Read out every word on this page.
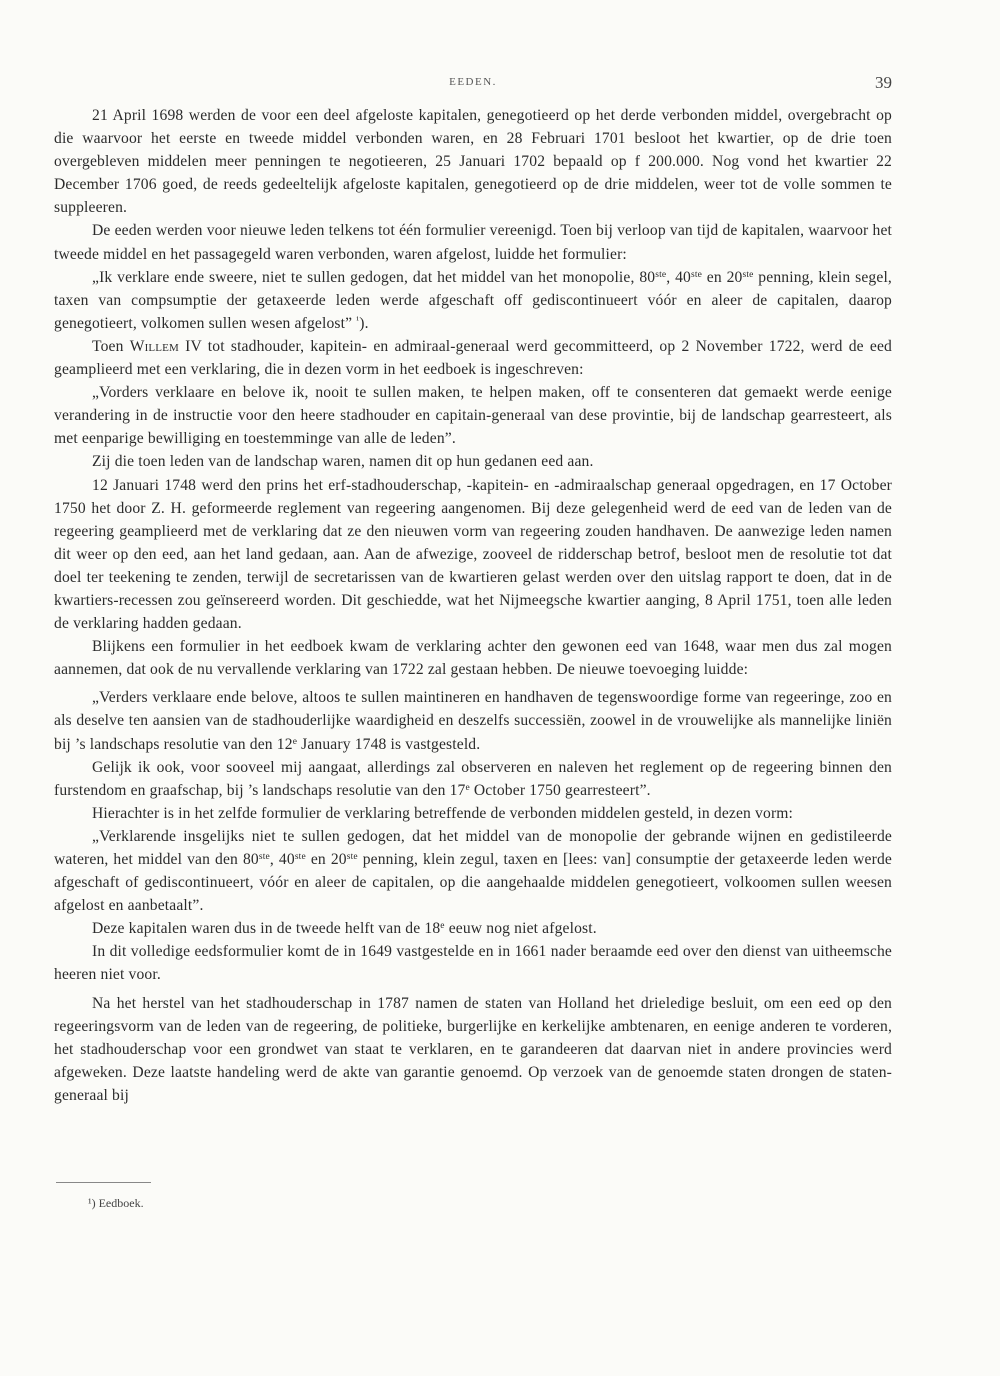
EEDEN.	39

21 April 1698 werden de voor een deel afgeloste kapitalen, genegotieerd op het derde verbonden middel, overgebracht op die waarvoor het eerste en tweede middel verbonden waren, en 28 Februari 1701 besloot het kwartier, op de drie toen overgebleven middelen meer penningen te negotieeren, 25 Januari 1702 bepaald op f 200.000. Nog vond het kwartier 22 December 1706 goed, de reeds gedeeltelijk afgeloste kapitalen, genegotieerd op de drie middelen, weer tot de volle sommen te suppleeren.

De eeden werden voor nieuwe leden telkens tot één formulier vereenigd. Toen bij verloop van tijd de kapitalen, waarvoor het tweede middel en het passagegeld waren verbonden, waren afgelost, luidde het formulier:

„Ik verklare ende sweere, niet te sullen gedogen, dat het middel van het monopolie, 80ste, 40ste en 20ste penning, klein segel, taxen van compsumptie der getaxeerde leden werde afgeschaft off gediscontinueert vóór en aleer de capitalen, daarop genegotieert, volkomen sullen wesen afgelost” $^{^1}$).

Toen Willem IV tot stadhouder, kapitein- en admiraal-generaal werd gecommitteerd, op 2 November 1722, werd de eed geamplieerd met een verklaring, die in dezen vorm in het eedboek is ingeschreven:

„Vorders verklaare en belove ik, nooit te sullen maken, te helpen maken, off te consenteren dat gemaekt werde eenige verandering in de instructie voor den heere stadhouder en capitain-generaal van dese provintie, bij de landschap gearresteert, als met eenparige bewilliging en toestemminge van alle de leden”.

Zij die toen leden van de landschap waren, namen dit op hun gedanen eed aan.

12 Januari 1748 werd den prins het erf-stadhouderschap, -kapitein- en -admiraalschap generaal opgedragen, en 17 October 1750 het door Z. H. geformeerde reglement van regeering aangenomen. Bij deze gelegenheid werd de eed van de leden van de regeering geamplieerd met de verklaring dat ze den nieuwen vorm van regeering zouden handhaven. De aanwezige leden namen dit weer op den eed, aan het land gedaan, aan. Aan de afwezige, zooveel de ridderschap betrof, besloot men de resolutie tot dat doel ter teekening te zenden, terwijl de secretarissen van de kwartieren gelast werden over den uitslag rapport te doen, dat in de kwartiers-recessen zou geïnsereerd worden. Dit geschiedde, wat het Nijmeegsche kwartier aanging, 8 April 1751, toen alle leden de verklaring hadden gedaan.

Blijkens een formulier in het eedboek kwam de verklaring achter den gewonen eed van 1648, waar men dus zal mogen aannemen, dat ook de nu vervallende verklaring van 1722 zal gestaan hebben. De nieuwe toevoeging luidde:

„Verders verklaare ende belove, altoos te sullen maintineren en handhaven de tegenswoordige forme van regeeringe, zoo en als deselve ten aansien van de stadhouderlijke waardigheid en deszelfs successiën, zoowel in de vrouwelijke als mannelijke liniën bij ’s landschaps resolutie van den 12e January 1748 is vastgesteld.

Gelijk ik ook, voor sooveel mij aangaat, allerdings zal observeren en naleven het reglement op de regeering binnen den furstendom en graafschap, bij ’s landschaps resolutie van den 17e October 1750 gearresteert”.

Hierachter is in het zelfde formulier de verklaring betreffende de verbonden middelen gesteld, in dezen vorm:

„Verklarende insgelijks niet te sullen gedogen, dat het middel van de monopolie der gebrande wijnen en gedistileerde wateren, het middel van den 80ste, 40ste en 20ste penning, klein zegul, taxen en [lees: van] consumptie der getaxeerde leden werde afgeschaft of gediscontinueert, vóór en aleer de capitalen, op die aangehaalde middelen genegotieert, volkoomen sullen weesen afgelost en aanbetaalt”.

Deze kapitalen waren dus in de tweede helft van de 18e eeuw nog niet afgelost.

In dit volledige eedsformulier komt de in 1649 vastgestelde en in 1661 nader beraamde eed over den dienst van uitheemsche heeren niet voor.

Na het herstel van het stadhouderschap in 1787 namen de staten van Holland het drieledige besluit, om een eed op den regeeringsvorm van de leden van de regeering, de politieke, burgerlijke en kerkelijke ambtenaren, en eenige anderen te vorderen, het stadhouderschap voor een grondwet van staat te verklaren, en te garandeeren dat daarvan niet in andere provincies werd afgeweken. Deze laatste handeling werd de akte van garantie genoemd. Op verzoek van de genoemde staten drongen de staten-generaal bij

¹) Eedboek.
